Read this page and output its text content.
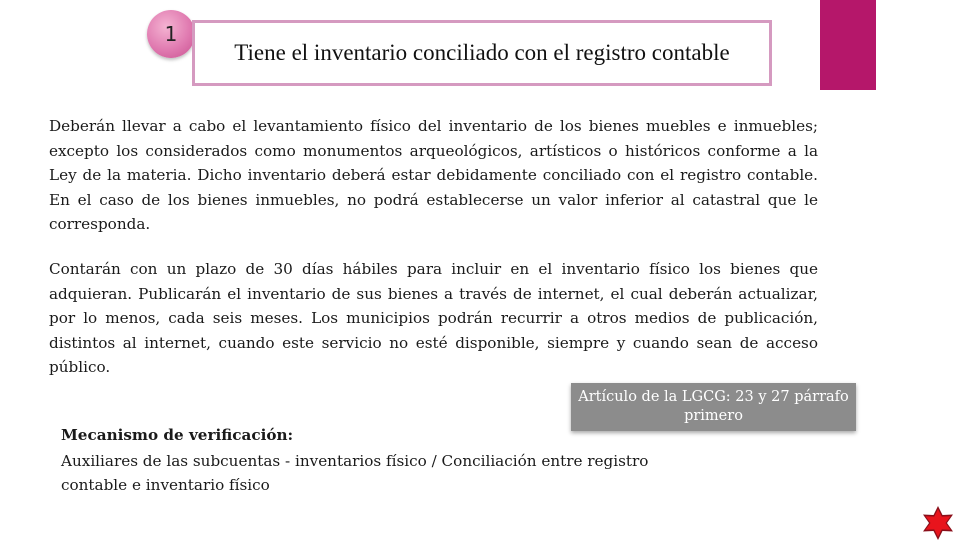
1
Tiene el inventario conciliado con el registro contable
Deberán llevar a cabo el levantamiento físico del inventario de los bienes muebles e inmuebles; excepto los considerados como monumentos arqueológicos, artísticos o históricos conforme a la Ley de la materia. Dicho inventario deberá estar debidamente conciliado con el registro contable. En el caso de los bienes inmuebles, no podrá establecerse un valor inferior al catastral que le corresponda.
Contarán con un plazo de 30 días hábiles para incluir en el inventario físico los bienes que adquieran. Publicarán el inventario de sus bienes a través de internet, el cual deberán actualizar, por lo menos, cada seis meses. Los municipios podrán recurrir a otros medios de publicación, distintos al internet, cuando este servicio no esté disponible, siempre y cuando sean de acceso público.
Artículo de la LGCG: 23 y 27 párrafo primero
Mecanismo de verificación:
Auxiliares de las subcuentas - inventarios físico / Conciliación entre registro contable e inventario físico
